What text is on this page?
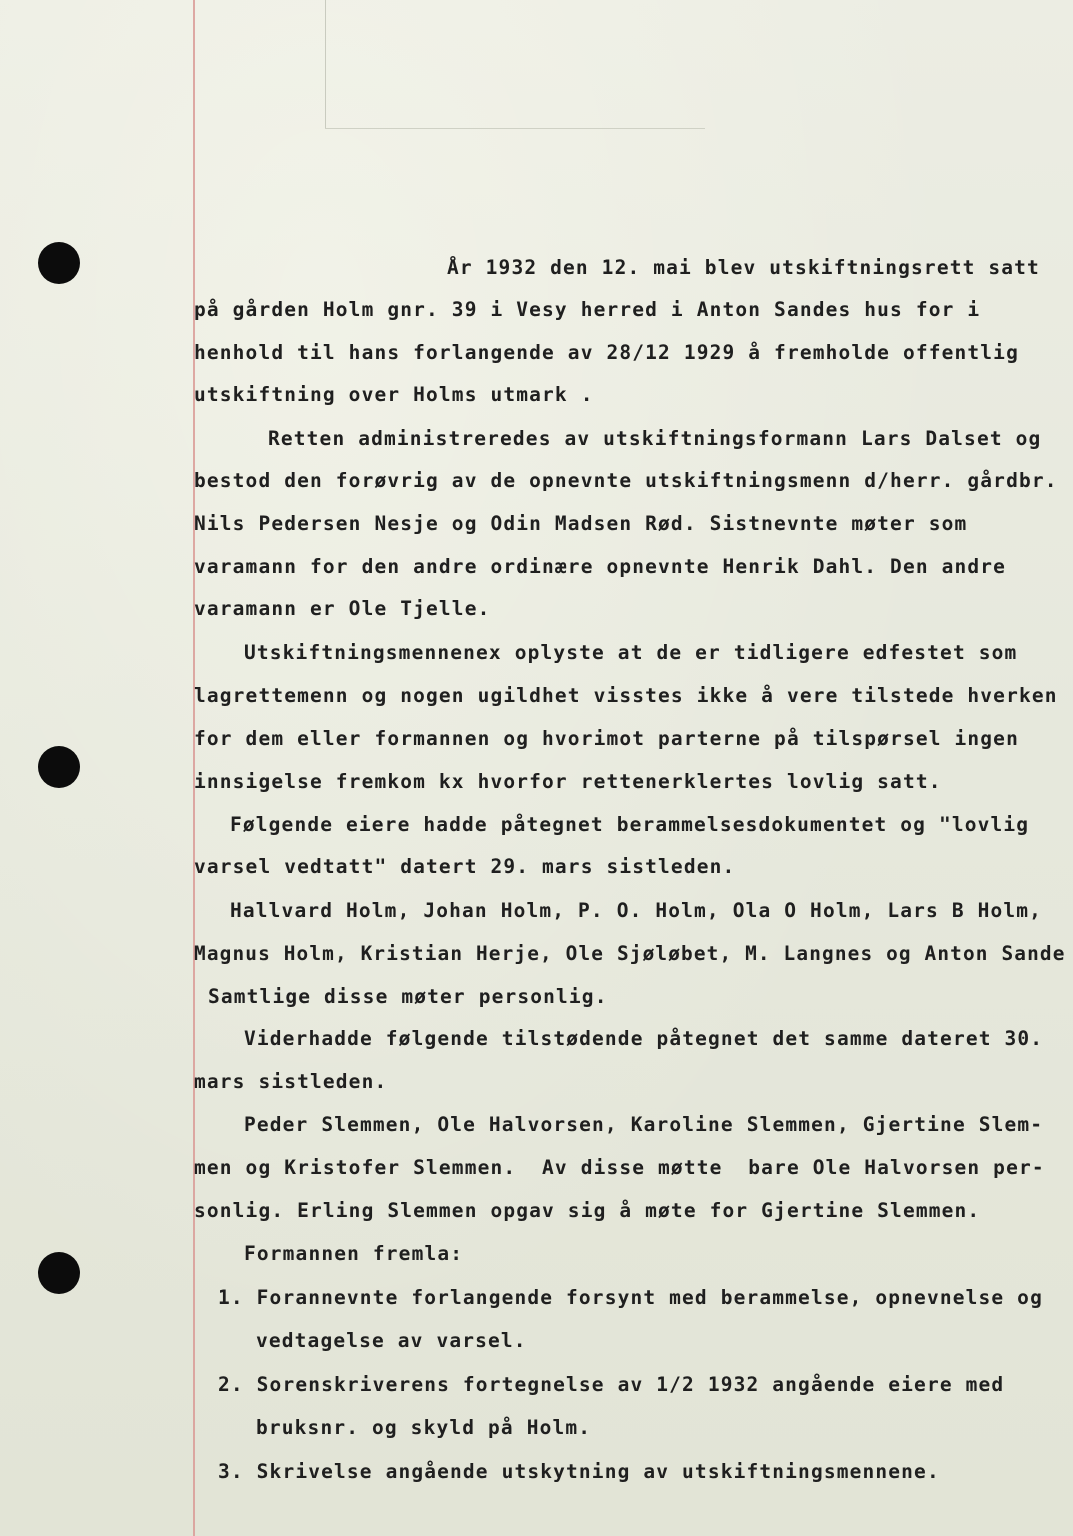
År 1932 den 12. mai blev utskiftningsrett satt
på gården Holm gnr. 39 i Vesy herred i Anton Sandes hus for i
henhold til hans forlangende av 28/12 1929 å fremholde offentlig
utskiftning over Holms utmark .
Retten administreredes av utskiftningsformann Lars Dalset og
bestod den forøvrig av de opnevnte utskiftningsmenn d/herr. gårdbr.
Nils Pedersen Nesje og Odin Madsen Rød. Sistnevnte møter som
varamann for den andre ordinære opnevnte Henrik Dahl. Den andre
varamann er Ole Tjelle.
Utskiftningsmennenex oplyste at de er tidligere edfestet som
lagrettemenn og nogen ugildhet visstes ikke å vere tilstede hverken
for dem eller formannen og hvorimot parterne på tilspørsel ingen
innsigelse fremkom kx hvorfor rettenerklertes lovlig satt.
Følgende eiere hadde påtegnet berammelsesdokumentet og "lovlig
varsel vedtatt" datert 29. mars sistleden.
Hallvard Holm, Johan Holm, P. O. Holm, Ola O Holm, Lars B Holm,
Magnus Holm, Kristian Herje, Ole Sjøløbet, M. Langnes og Anton Sande
Samtlige disse møter personlig.
Viderhadde følgende tilstødende påtegnet det samme dateret 30.
mars sistleden.
Peder Slemmen, Ole Halvorsen, Karoline Slemmen, Gjertine Slem-
men og Kristofer Slemmen.  Av disse møtte  bare Ole Halvorsen per-
sonlig. Erling Slemmen opgav sig å møte for Gjertine Slemmen.
Formannen fremla:
1. Forannevnte forlangende forsynt med berammelse, opnevnelse og
vedtagelse av varsel.
2. Sorenskriverens fortegnelse av 1/2 1932 angående eiere med
bruksnr. og skyld på Holm.
3. Skrivelse angående utskytning av utskiftningsmennene.
